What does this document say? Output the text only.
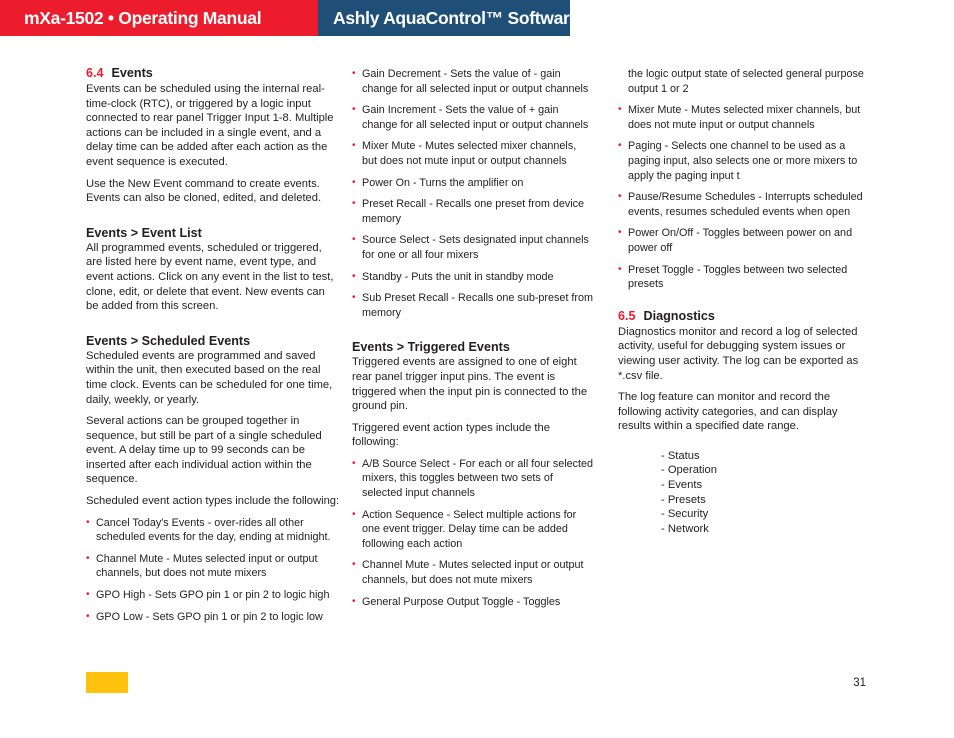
mXa-1502 • Operating Manual	Ashly AquaControl™ Software
6.4 Events

Events can be scheduled using the internal real-time-clock (RTC), or triggered by a logic input connected to rear panel Trigger Input 1-8. Multiple actions can be included in a single event, and a delay time can be added after each action as the event sequence is executed.

Use the New Event command to create events. Events can also be cloned, edited, and deleted.

Events > Event List

All programmed events, scheduled or triggered, are listed here by event name, event type, and event actions. Click on any event in the list to test, clone, edit, or delete that event. New events can be added from this screen.

Events > Scheduled Events

Scheduled events are programmed and saved within the unit, then executed based on the real time clock. Events can be scheduled for one time, daily, weekly, or yearly.

Several actions can be grouped together in sequence, but still be part of a single scheduled event. A delay time up to 99 seconds can be inserted after each individual action within the sequence.

Scheduled event action types include the following:

• Cancel Today's Events - over-rides all other scheduled events for the day, ending at midnight.
• Channel Mute - Mutes selected input or output channels, but does not mute mixers
• GPO High - Sets GPO pin 1 or pin 2 to logic high
• GPO Low - Sets GPO pin 1 or pin 2 to logic low
• Gain Decrement - Sets the value of - gain change for all selected input or output channels
• Gain Increment - Sets the value of + gain change for all selected input or output channels
• Mixer Mute - Mutes selected mixer channels, but does not mute input or output channels
• Power On - Turns the amplifier on
• Preset Recall - Recalls one preset from device memory
• Source Select - Sets designated input channels for one or all four mixers
• Standby - Puts the unit in standby mode
• Sub Preset Recall - Recalls one sub-preset from memory
Events > Triggered Events

Triggered events are assigned to one of eight rear panel trigger input pins. The event is triggered when the input pin is connected to the ground pin.

Triggered event action types include the following:

• A/B Source Select - For each or all four selected mixers, this toggles between two sets of selected input channels
• Action Sequence - Select multiple actions for one event trigger. Delay time can be added following each action
• Channel Mute - Mutes selected input or output channels, but does not mute mixers
• General Purpose Output Toggle - Toggles
the logic output state of selected general purpose output 1 or 2
• Mixer Mute - Mutes selected mixer channels, but does not mute input or output channels
• Paging - Selects one channel to be used as a paging input, also selects one or more mixers to apply the paging input t
• Pause/Resume Schedules - Interrupts scheduled events, resumes scheduled events when open
• Power On/Off - Toggles between power on and power off
• Preset Toggle - Toggles between two selected presets
6.5 Diagnostics

Diagnostics monitor and record a log of selected activity, useful for debugging system issues or viewing user activity. The log can be exported as *.csv file.

The log feature can monitor and record the following activity categories, and can display results within a specified date range.

- Status
- Operation
- Events
- Presets
- Security
- Network
31
